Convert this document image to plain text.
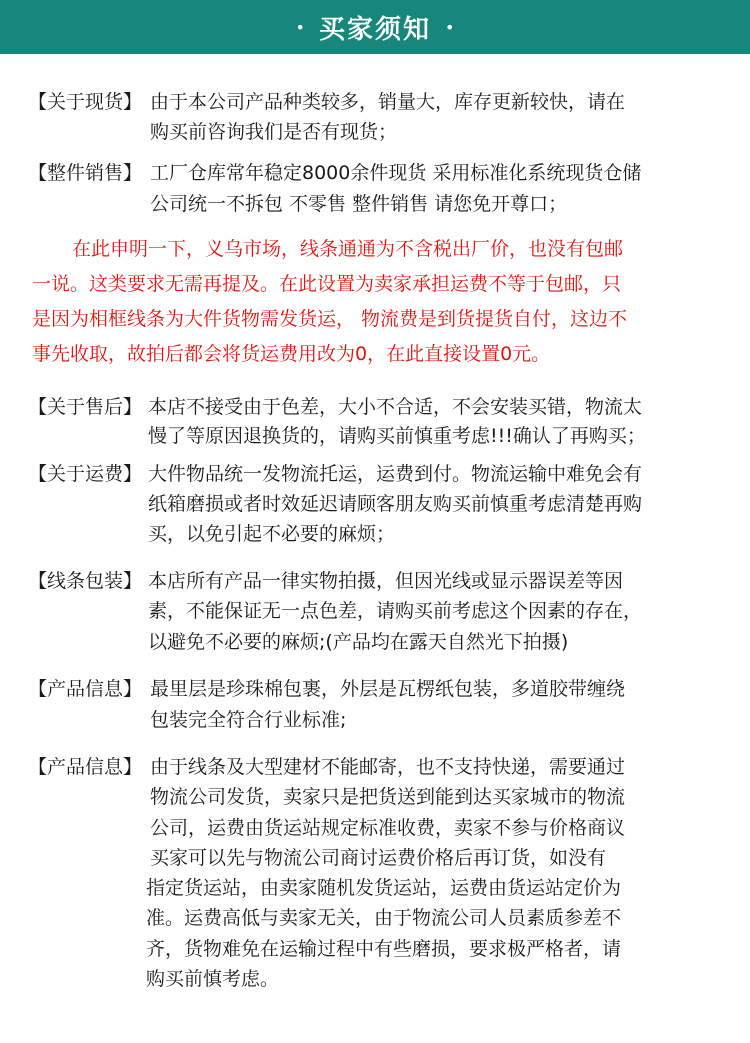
• 买家须知 •
【关于现货】 由于本公司产品种类较多，销量大，库存更新较快，请在
购买前咨询我们是否有现货；
【整件销售】 工厂仓库常年稳定8000余件现货 采用标准化系统现货仓储
公司统一不拆包 不零售 整件销售 请您免开尊口；
在此申明一下，义乌市场，线条通通为不含税出厂价，也没有包邮
一说。这类要求无需再提及。在此设置为卖家承担运费不等于包邮，只
是因为相框线条为大件货物需发货运， 物流费是到货提货自付，这边不
事先收取，故拍后都会将货运费用改为0，在此直接设置0元。
【关于售后】 本店不接受由于色差，大小不合适，不会安装买错，物流太
慢了等原因退换货的，请购买前慎重考虑!!!确认了再购买；
【关于运费】 大件物品统一发物流托运，运费到付。物流运输中难免会有
纸箱磨损或者时效延迟请顾客朋友购买前慎重考虑清楚再购
买，以免引起不必要的麻烦；
【线条包装】 本店所有产品一律实物拍摄，但因光线或显示器误差等因
素，不能保证无一点色差，请购买前考虑这个因素的存在，
以避免不必要的麻烦;(产品均在露天自然光下拍摄)
【产品信息】 最里层是珍珠棉包裹，外层是瓦楞纸包装，多道胶带缠绕
包装完全符合行业标准;
【产品信息】 由于线条及大型建材不能邮寄，也不支持快递，需要通过
物流公司发货，卖家只是把货送到能到达买家城市的物流
公司，运费由货运站规定标准收费，卖家不参与价格商议
买家可以先与物流公司商讨运费价格后再订货，如没有
指定货运站，由卖家随机发货运站，运费由货运站定价为
准。运费高低与卖家无关，由于物流公司人员素质参差不
齐，货物难免在运输过程中有些磨损，要求极严格者，请
购买前慎考虑。
